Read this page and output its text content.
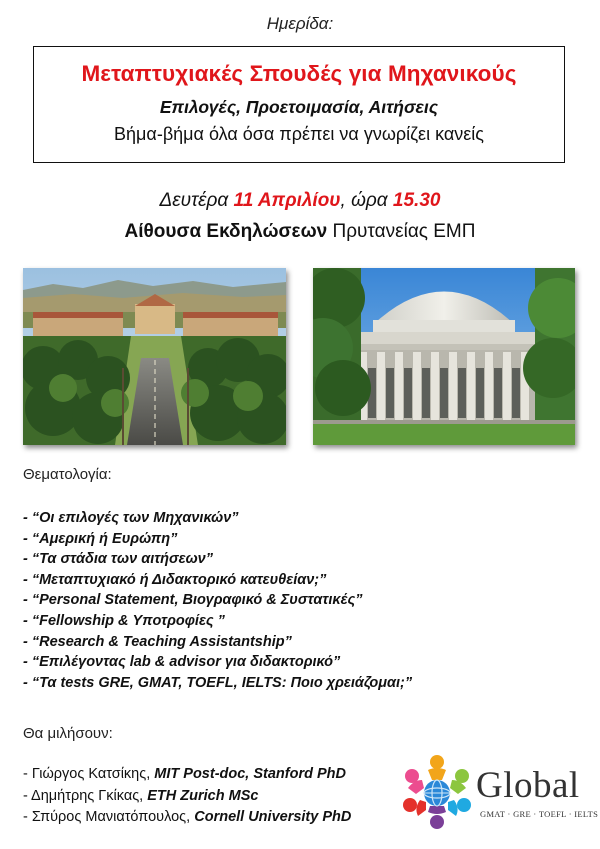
Ημερίδα:
Μεταπτυχιακές Σπουδές για Μηχανικούς
Επιλογές, Προετοιμασία, Αιτήσεις
Βήμα-βήμα όλα όσα πρέπει να γνωρίζει κανείς
Δευτέρα 11 Απριλίου, ώρα 15.30
Αίθουσα Εκδηλώσεων Πρυτανείας ΕΜΠ
Θεματολογία:
- “Οι επιλογές των Μηχανικών”
- “Αμερική ή Ευρώπη”
- “Τα στάδια των αιτήσεων”
- “Μεταπτυχιακό ή Διδακτορικό κατευθείαν;”
- “Personal Statement, Βιογραφικό & Συστατικές”
- “Fellowship & Υποτροφίες ”
- “Research & Teaching Assistantship”
- “Επιλέγοντας lab & advisor για διδακτορικό”
- “Τα tests GRE, GMAT, TOEFL, IELTS: Ποιο χρειάζομαι;”
Θα μιλήσουν:
- Γιώργος Κατσίκης, MIT Post-doc, Stanford PhD
- Δημήτρης Γκίκας, ETH Zurich MSc
- Σπύρος Μανιατόπουλος, Cornell University PhD
Global
GMAT · GRE · TOEFL · IELTS
